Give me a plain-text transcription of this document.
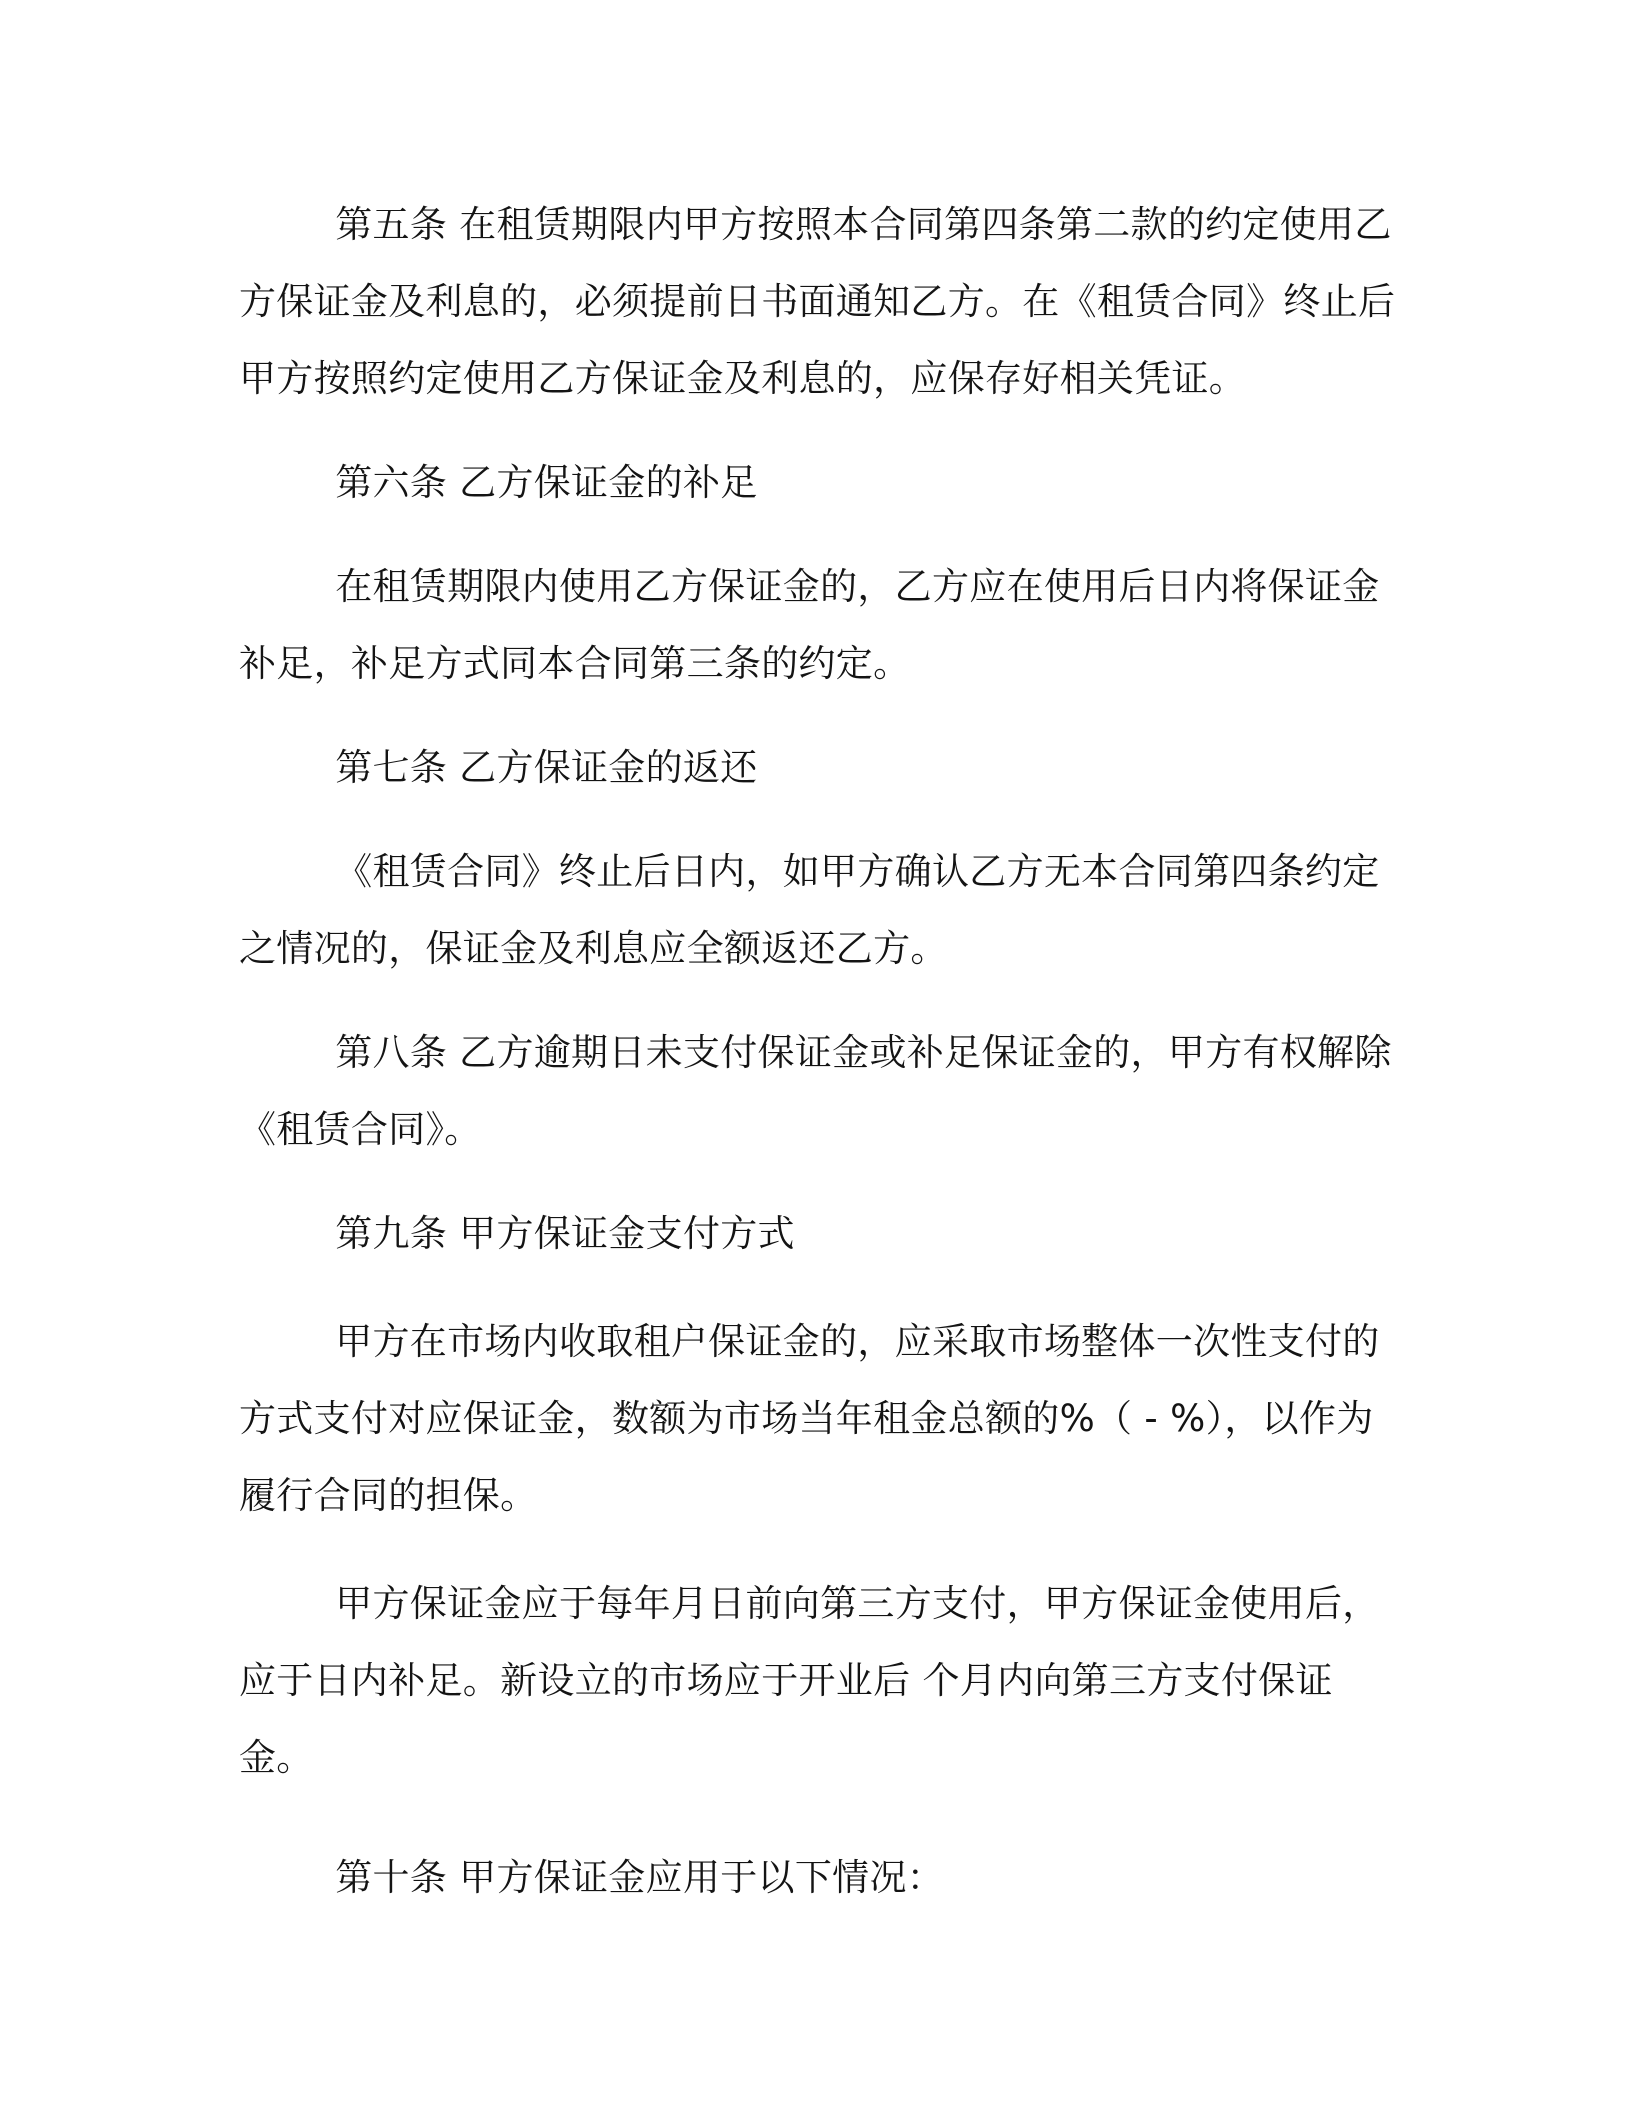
第五条 在租赁期限内甲方按照本合同第四条第二款的约定使用乙方保证金及利息的，必须提前日书面通知乙方。在《租赁合同》终止后甲方按照约定使用乙方保证金及利息的，应保存好相关凭证。

第六条 乙方保证金的补足

在租赁期限内使用乙方保证金的，乙方应在使用后日内将保证金补足，补足方式同本合同第三条的约定。

第七条 乙方保证金的返还

《租赁合同》终止后日内，如甲方确认乙方无本合同第四条约定之情况的，保证金及利息应全额返还乙方。

第八条 乙方逾期日未支付保证金或补足保证金的，甲方有权解除《租赁合同》。

第九条 甲方保证金支付方式

甲方在市场内收取租户保证金的，应采取市场整体一次性支付的方式支付对应保证金，数额为市场当年租金总额的%（ - %），以作为履行合同的担保。

甲方保证金应于每年月日前向第三方支付，甲方保证金使用后，应于日内补足。新设立的市场应于开业后 个月内向第三方支付保证金。

第十条 甲方保证金应用于以下情况：
